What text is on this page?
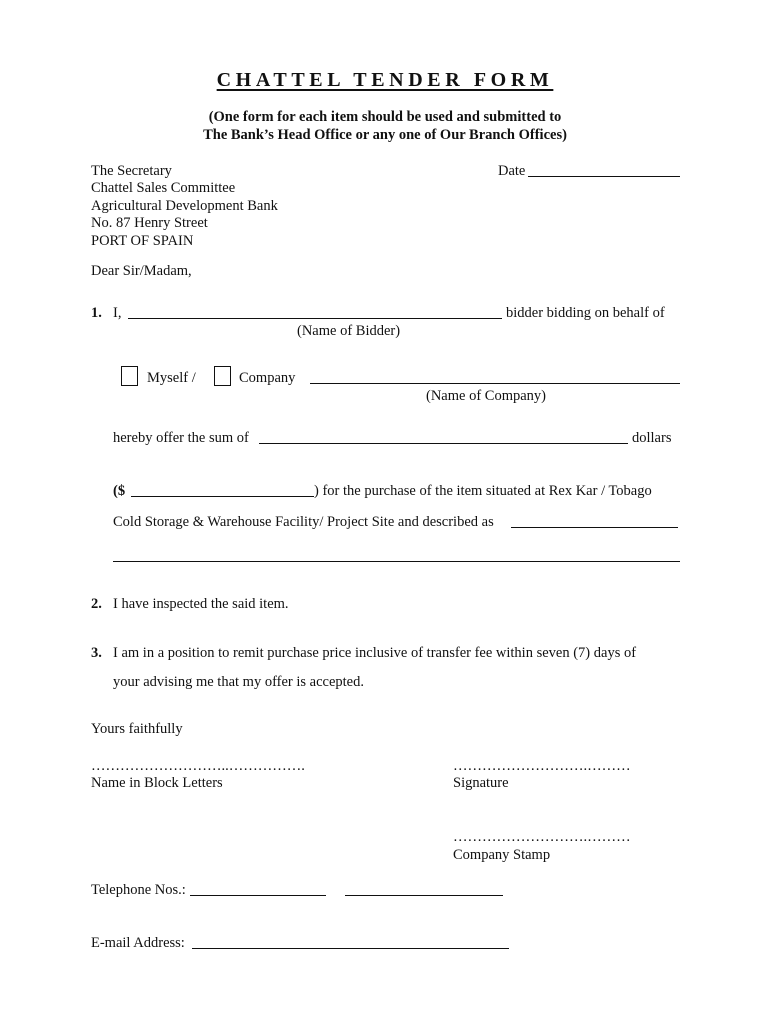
CHATTEL TENDER FORM
(One form for each item should be used and submitted to
The Bank’s Head Office or any one of Our Branch Offices)
The Secretary
Chattel Sales Committee
Agricultural Development Bank
No. 87 Henry Street
PORT OF SPAIN
Date
Dear Sir/Madam,
1. I,	bidder bidding on behalf of
(Name of Bidder)
Myself /	Company
(Name of Company)
hereby offer the sum of	dollars
($	) for the purchase of the item situated at Rex Kar / Tobago
Cold Storage & Warehouse Facility/ Project Site and described as
2. I have inspected the said item.
3. I am in a position to remit purchase price inclusive of transfer fee within seven (7) days of
your advising me that my offer is accepted.
Yours faithfully
………………………..…………….
Name in Block Letters
……………………….………
Signature
……………………….………
Company Stamp
Telephone Nos.:
E-mail Address:
